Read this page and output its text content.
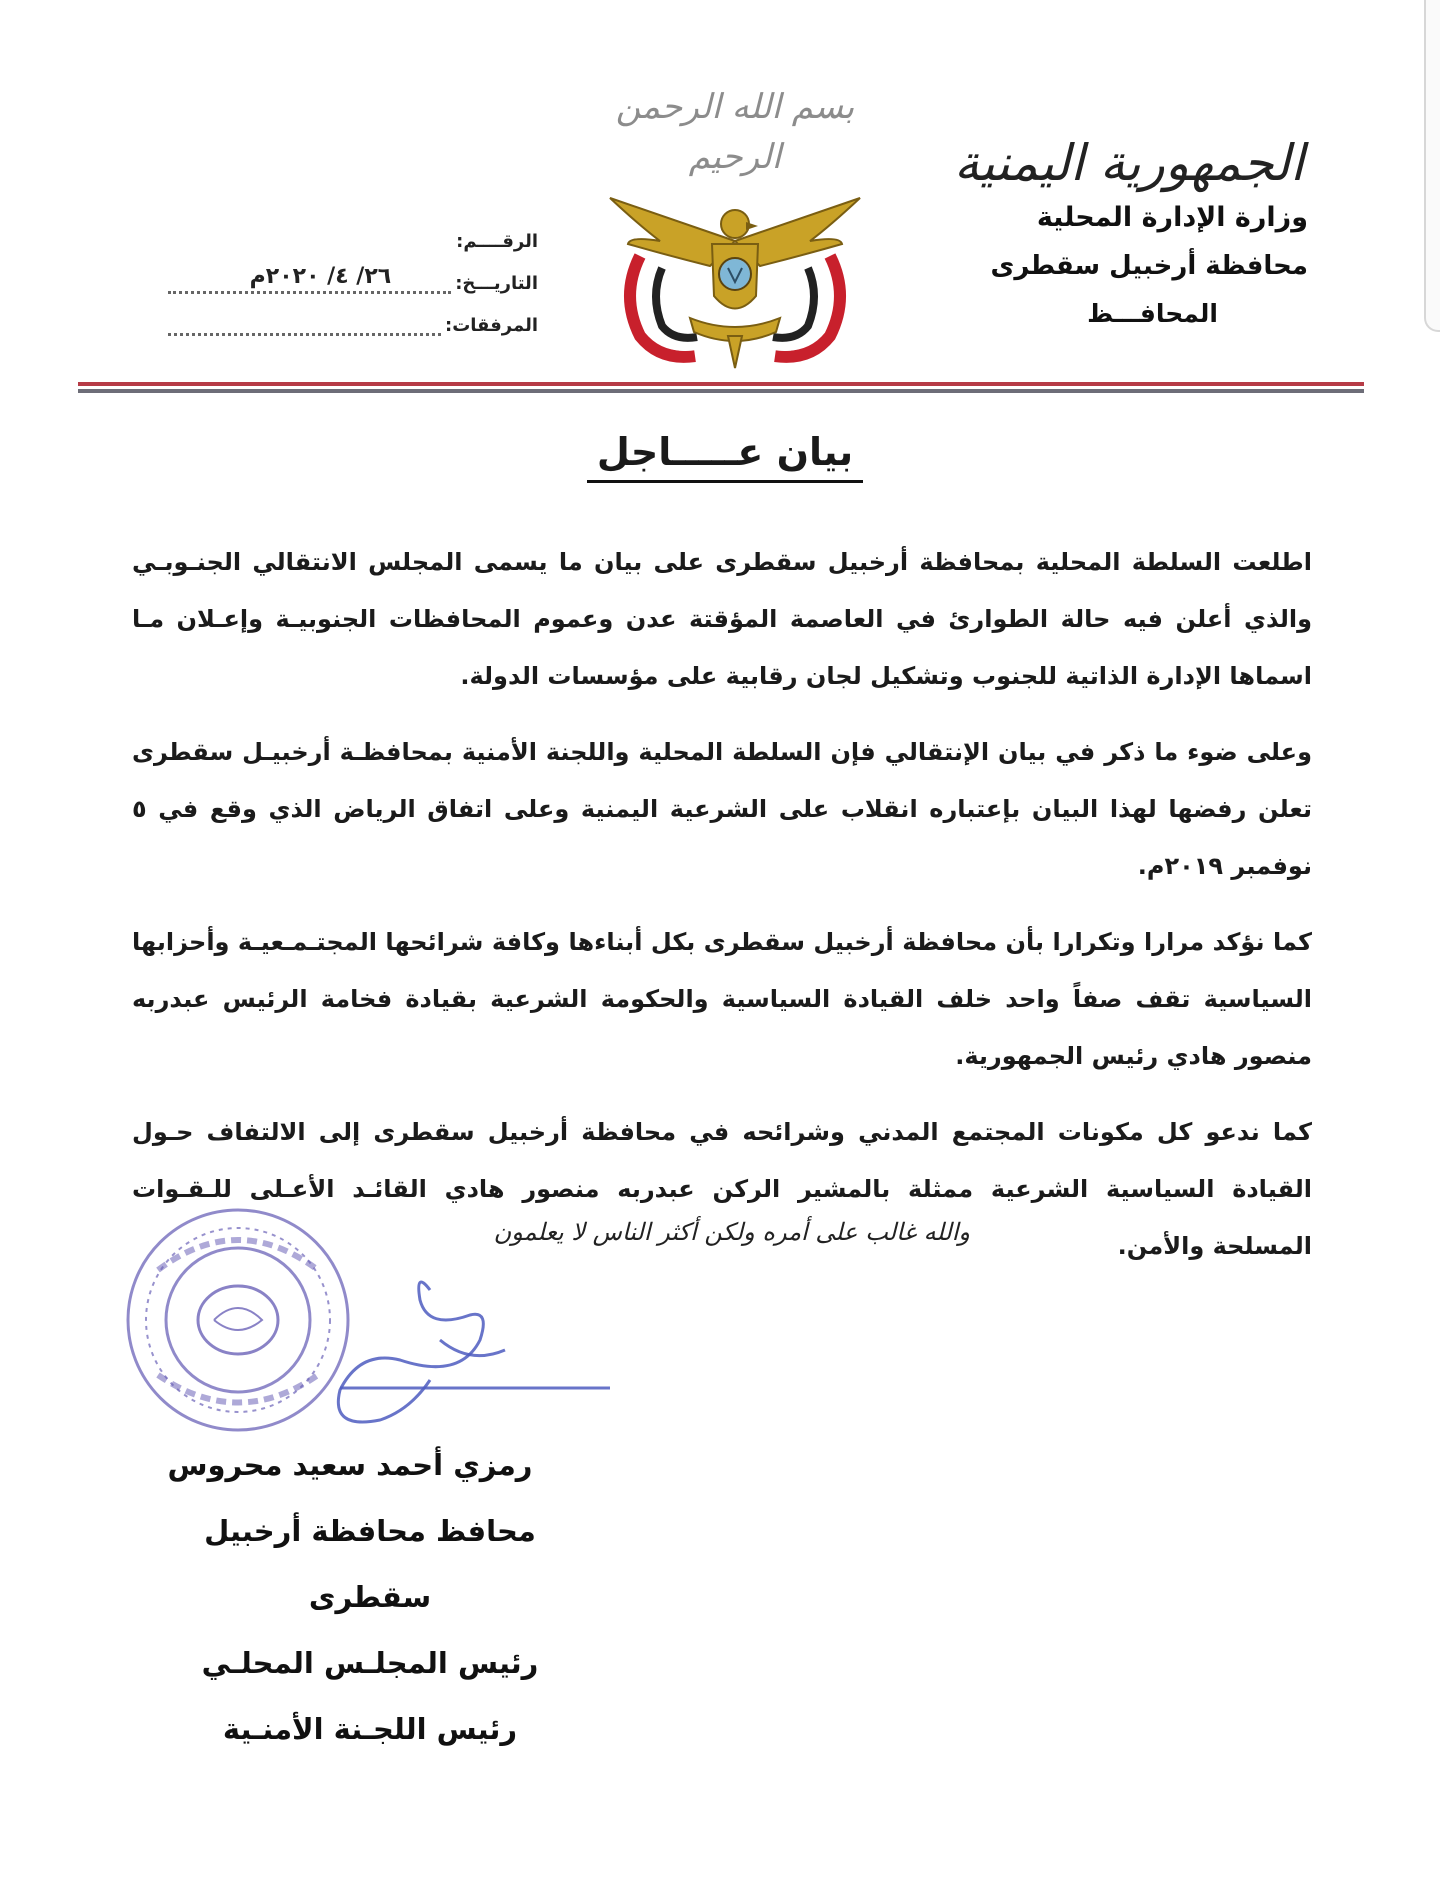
الجمهورية اليمنية
وزارة الإدارة المحلية
محافظة أرخبيل سقطرى
المحافـــظ
بسم الله الرحمن الرحيم
الرقــــم:
التاريـــخ:
٢٦/ ٤/ ٢٠٢٠م
المرفقات:
بيان عـــــاجل

اطلعت السلطة المحلية بمحافظة أرخبيل سقطرى على بيان ما يسمى المجلس الانتقالي الجنـوبـي والذي أعلن فيه حالة الطوارئ في العاصمة المؤقتة عدن وعموم المحافظات الجنوبيـة وإعـلان مـا اسماها الإدارة الذاتية للجنوب وتشكيل لجان رقابية على مؤسسات الدولة.

وعلى ضوء ما ذكر في بيان الإنتقالي فإن السلطة المحلية واللجنة الأمنية بمحافظـة أرخبيـل سقطرى تعلن رفضها لهذا البيان بإعتباره انقلاب على الشرعية اليمنية وعلى اتفاق الرياض الذي وقع في ٥ نوفمبر ٢٠١٩م.

كما نؤكد مرارا وتكرارا بأن محافظة أرخبيل سقطرى بكل أبناءها وكافة شرائحها المجتـمـعيـة وأحزابها السياسية تقف صفاً واحد خلف القيادة السياسية والحكومة الشرعية بقيادة فخامة الرئيس عبدربه منصور هادي رئيس الجمهورية.

كما ندعو كل مكونات المجتمع المدني وشرائحه في محافظة أرخبيل سقطرى إلى الالتفاف حـول القيادة السياسية الشرعية ممثلة بالمشير الركن عبدربه منصور هادي القائـد الأعـلى للـقـوات المسلحة والأمن.

والله غالب على أمره ولكن أكثر الناس لا يعلمون
رمزي أحمد سعيد محروس
محافظ محافظة أرخبيل سقطرى
رئيس المجلـس المحلـي
رئيس اللجـنة الأمنـية
